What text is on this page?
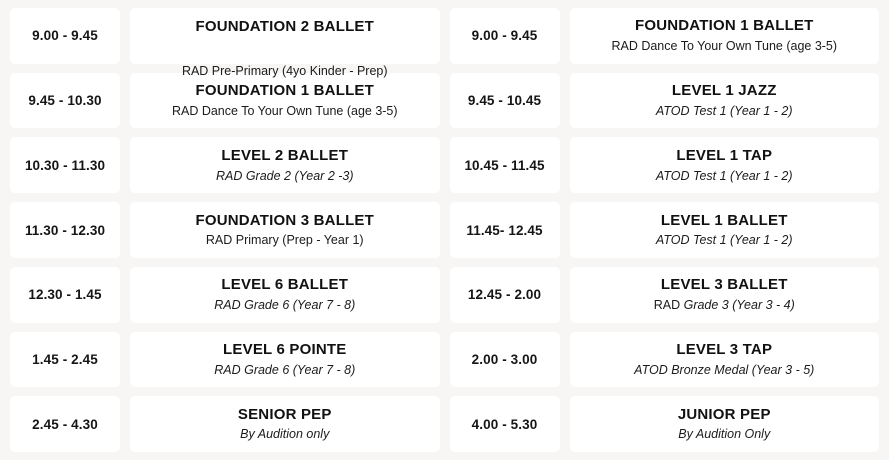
9.00 - 9.45
FOUNDATION 2 BALLET
RAD Pre-Primary (4yo Kinder - Prep)
9.45 - 10.30
FOUNDATION 1 BALLET
RAD Dance To Your Own Tune (age 3-5)
10.30 - 11.30
LEVEL 2 BALLET
RAD Grade 2 (Year 2 -3)
11.30 - 12.30
FOUNDATION 3 BALLET
RAD Primary (Prep - Year 1)
12.30 - 1.45
LEVEL 6 BALLET
RAD Grade 6 (Year 7 - 8)
1.45 - 2.45
LEVEL 6 POINTE
RAD Grade 6 (Year 7 - 8)
2.45 - 4.30
SENIOR PEP
By Audition only
9.00 - 9.45
FOUNDATION 1 BALLET
RAD Dance To Your Own Tune (age 3-5)
9.45 - 10.45
LEVEL 1 JAZZ
ATOD Test 1 (Year 1 - 2)
10.45 - 11.45
LEVEL 1 TAP
ATOD Test 1 (Year 1 - 2)
11.45- 12.45
LEVEL 1 BALLET
ATOD Test 1 (Year 1 - 2)
12.45 - 2.00
LEVEL 3 BALLET
RAD Grade 3 (Year 3 - 4)
2.00 - 3.00
LEVEL 3 TAP
ATOD Bronze Medal (Year 3 - 5)
4.00 - 5.30
JUNIOR PEP
By Audition Only
